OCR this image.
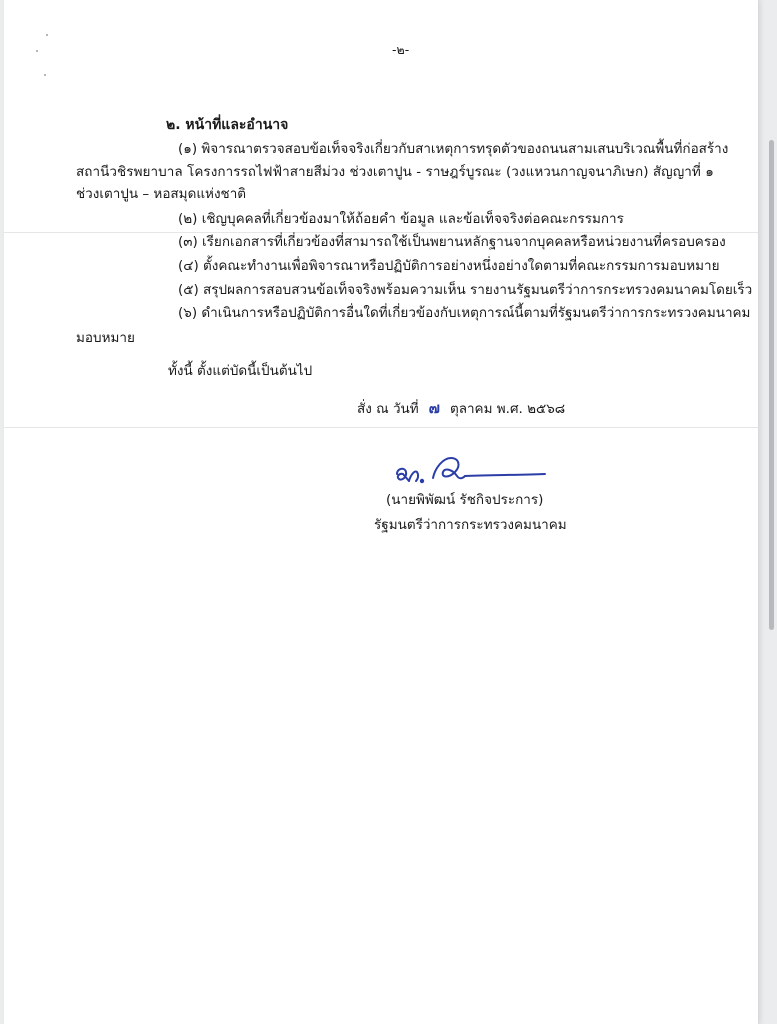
-๒-
๒. หน้าที่และอำนาจ
(๑) พิจารณาตรวจสอบข้อเท็จจริงเกี่ยวกับสาเหตุการทรุดตัวของถนนสามเสนบริเวณพื้นที่ก่อสร้าง
สถานีวชิรพยาบาล โครงการรถไฟฟ้าสายสีม่วง ช่วงเตาปูน - ราษฎร์บูรณะ (วงแหวนกาญจนาภิเษก) สัญญาที่ ๑
ช่วงเตาปูน – หอสมุดแห่งชาติ
(๒) เชิญบุคคลที่เกี่ยวข้องมาให้ถ้อยคำ ข้อมูล และข้อเท็จจริงต่อคณะกรรมการ
(๓) เรียกเอกสารที่เกี่ยวข้องที่สามารถใช้เป็นพยานหลักฐานจากบุคคลหรือหน่วยงานที่ครอบครอง
(๔) ตั้งคณะทำงานเพื่อพิจารณาหรือปฏิบัติการอย่างหนึ่งอย่างใดตามที่คณะกรรมการมอบหมาย
(๕) สรุปผลการสอบสวนข้อเท็จจริงพร้อมความเห็น รายงานรัฐมนตรีว่าการกระทรวงคมนาคมโดยเร็ว
(๖) ดำเนินการหรือปฏิบัติการอื่นใดที่เกี่ยวข้องกับเหตุการณ์นี้ตามที่รัฐมนตรีว่าการกระทรวงคมนาคม
มอบหมาย
ทั้งนี้ ตั้งแต่บัดนี้เป็นต้นไป
สั่ง ณ วันที่ ๗ ตุลาคม พ.ศ. ๒๕๖๘
(นายพิพัฒน์ รัชกิจประการ)
รัฐมนตรีว่าการกระทรวงคมนาคม
